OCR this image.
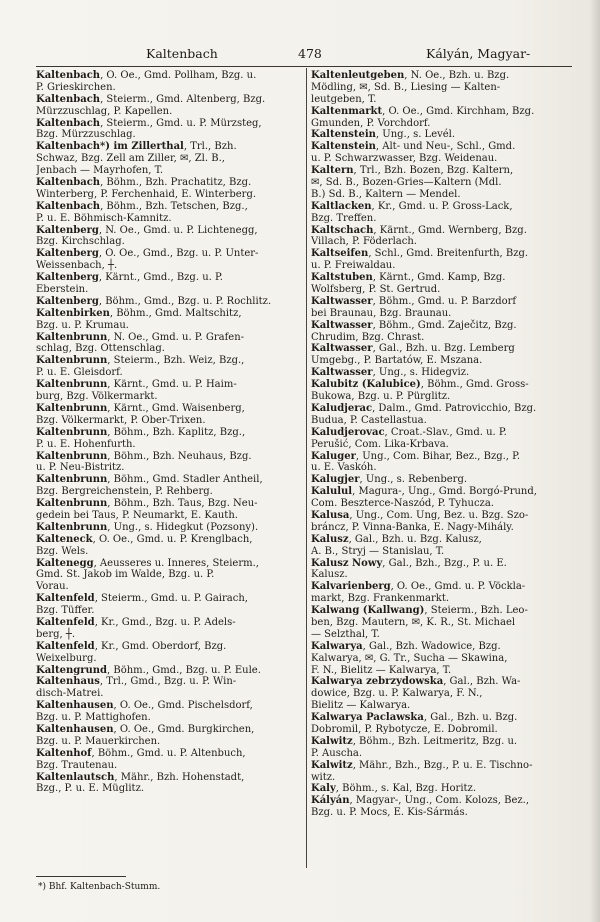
Kaltenbach	478	Kályán, Magyar-
Kaltenbach, O. Oe., Gmd. Pollham, Bzg. u.
P. Grieskirchen.
Kaltenbach, Steierm., Gmd. Altenberg, Bzg.
Mürzzuschlag, P. Kapellen.
Kaltenbach, Steierm., Gmd. u. P. Mürzsteg,
Bzg. Mürzzuschlag.
Kaltenbach*) im Zillerthal, Trl., Bzh.
Schwaz, Bzg. Zell am Ziller, ✉, Zl. B.,
Jenbach — Mayrhofen, T.
Kaltenbach, Böhm., Bzh. Prachatitz, Bzg.
Winterberg, P. Ferchenhaid, E. Winterberg.
Kaltenbach, Böhm., Bzh. Tetschen, Bzg.,
P. u. E. Böhmisch-Kamnitz.
Kaltenberg, N. Oe., Gmd. u. P. Lichtenegg,
Bzg. Kirchschlag.
Kaltenberg, O. Oe., Gmd., Bzg. u. P. Unter-
Weissenbach, ┼.
Kaltenberg, Kärnt., Gmd., Bzg. u. P.
Eberstein.
Kaltenberg, Böhm., Gmd., Bzg. u. P. Rochlitz.
Kaltenbirken, Böhm., Gmd. Maltschitz,
Bzg. u. P. Krumau.
Kaltenbrunn, N. Oe., Gmd. u. P. Grafen-
schlag, Bzg. Ottenschlag.
Kaltenbrunn, Steierm., Bzh. Weiz, Bzg.,
P. u. E. Gleisdorf.
Kaltenbrunn, Kärnt., Gmd. u. P. Haim-
burg, Bzg. Völkermarkt.
Kaltenbrunn, Kärnt., Gmd. Waisenberg,
Bzg. Völkermarkt, P. Ober-Trixen.
Kaltenbrunn, Böhm., Bzh. Kaplitz, Bzg.,
P. u. E. Hohenfurth.
Kaltenbrunn, Böhm., Bzh. Neuhaus, Bzg.
u. P. Neu-Bistritz.
Kaltenbrunn, Böhm., Gmd. Stadler Antheil,
Bzg. Bergreichenstein, P. Rehberg.
Kaltenbrunn, Böhm., Bzh. Taus, Bzg. Neu-
gedein bei Taus, P. Neumarkt, E. Kauth.
Kaltenbrunn, Ung., s. Hidegkut (Pozsony).
Kalteneck, O. Oe., Gmd. u. P. Krenglbach,
Bzg. Wels.
Kaltenegg, Aeusseres u. Inneres, Steierm.,
Gmd. St. Jakob im Walde, Bzg. u. P.
Vorau.
Kaltenfeld, Steierm., Gmd. u. P. Gairach,
Bzg. Tüffer.
Kaltenfeld, Kr., Gmd., Bzg. u. P. Adels-
berg, ┼.
Kaltenfeld, Kr., Gmd. Oberdorf, Bzg.
Weixelburg.
Kaltengrund, Böhm., Gmd., Bzg. u. P. Eule.
Kaltenhaus, Trl., Gmd., Bzg. u. P. Win-
disch-Matrei.
Kaltenhausen, O. Oe., Gmd. Pischelsdorf,
Bzg. u. P. Mattighofen.
Kaltenhausen, O. Oe., Gmd. Burgkirchen,
Bzg. u. P. Mauerkirchen.
Kaltenhof, Böhm., Gmd. u. P. Altenbuch,
Bzg. Trautenau.
Kaltenlautsch, Mähr., Bzh. Hohenstadt,
Bzg., P. u. E. Müglitz.
Kaltenleutgeben, N. Oe., Bzh. u. Bzg.
Mödling, ✉, Sd. B., Liesing — Kalten-
leutgeben, T.
Kaltenmarkt, O. Oe., Gmd. Kirchham, Bzg.
Gmunden, P. Vorchdorf.
Kaltenstein, Ung., s. Levél.
Kaltenstein, Alt- und Neu-, Schl., Gmd.
u. P. Schwarzwasser, Bzg. Weidenau.
Kaltern, Trl., Bzh. Bozen, Bzg. Kaltern,
✉, Sd. B., Bozen-Gries—Kaltern (Mdl.
B.) Sd. B., Kaltern — Mendel.
Kaltlacken, Kr., Gmd. u. P. Gross-Lack,
Bzg. Treffen.
Kaltschach, Kärnt., Gmd. Wernberg, Bzg.
Villach, P. Föderlach.
Kaltseifen, Schl., Gmd. Breitenfurth, Bzg.
u. P. Freiwaldau.
Kaltstuben, Kärnt., Gmd. Kamp, Bzg.
Wolfsberg, P. St. Gertrud.
Kaltwasser, Böhm., Gmd. u. P. Barzdorf
bei Braunau, Bzg. Braunau.
Kaltwasser, Böhm., Gmd. Zaječitz, Bzg.
Chrudim, Bzg. Chrast.
Kaltwasser, Gal., Bzh. u. Bzg. Lemberg
Umgebg., P. Bartatów, E. Mszana.
Kaltwasser, Ung., s. Hidegviz.
Kalubitz (Kalubice), Böhm., Gmd. Gross-
Bukowa, Bzg. u. P. Pürglitz.
Kaludjerac, Dalm., Gmd. Patrovicchio, Bzg.
Budua, P. Castellastua.
Kaludjerovac, Croat.-Slav., Gmd. u. P.
Perušić, Com. Lika-Krbava.
Kaluger, Ung., Com. Bihar, Bez., Bzg., P.
u. E. Vaskóh.
Kalugjer, Ung., s. Rebenberg.
Kalulul, Magura-, Ung., Gmd. Borgó-Prund,
Com. Beszterce-Naszód, P. Tyhucza.
Kalusa, Ung., Com. Ung, Bez. u. Bzg. Szo-
bráncz, P. Vinna-Banka, E. Nagy-Mihály.
Kalusz, Gal., Bzh. u. Bzg. Kalusz,
A. B., Stryj — Stanislau, T.
Kalusz Nowy, Gal., Bzh., Bzg., P. u. E.
Kalusz.
Kalvarienberg, O. Oe., Gmd. u. P. Vöckla-
markt, Bzg. Frankenmarkt.
Kalwang (Kallwang), Steierm., Bzh. Leo-
ben, Bzg. Mautern, ✉, K. R., St. Michael
— Selzthal, T.
Kalwarya, Gal., Bzh. Wadowice, Bzg.
Kalwarya, ✉, G. Tr., Sucha — Skawina,
F. N., Bielitz — Kalwarya, T.
Kalwarya zebrzydowska, Gal., Bzh. Wa-
dowice, Bzg. u. P. Kalwarya, F. N.,
Bielitz — Kalwarya.
Kalwarya Paclawska, Gal., Bzh. u. Bzg.
Dobromil, P. Rybotycze, E. Dobromil.
Kalwitz, Böhm., Bzh. Leitmeritz, Bzg. u.
P. Auscha.
Kalwitz, Mähr., Bzh., Bzg., P. u. E. Tischno-
witz.
Kaly, Böhm., s. Kal, Bzg. Horitz.
Kályán, Magyar-, Ung., Com. Kolozs, Bez.,
Bzg. u. P. Mocs, E. Kis-Sármás.
*) Bhf. Kaltenbach-Stumm.
